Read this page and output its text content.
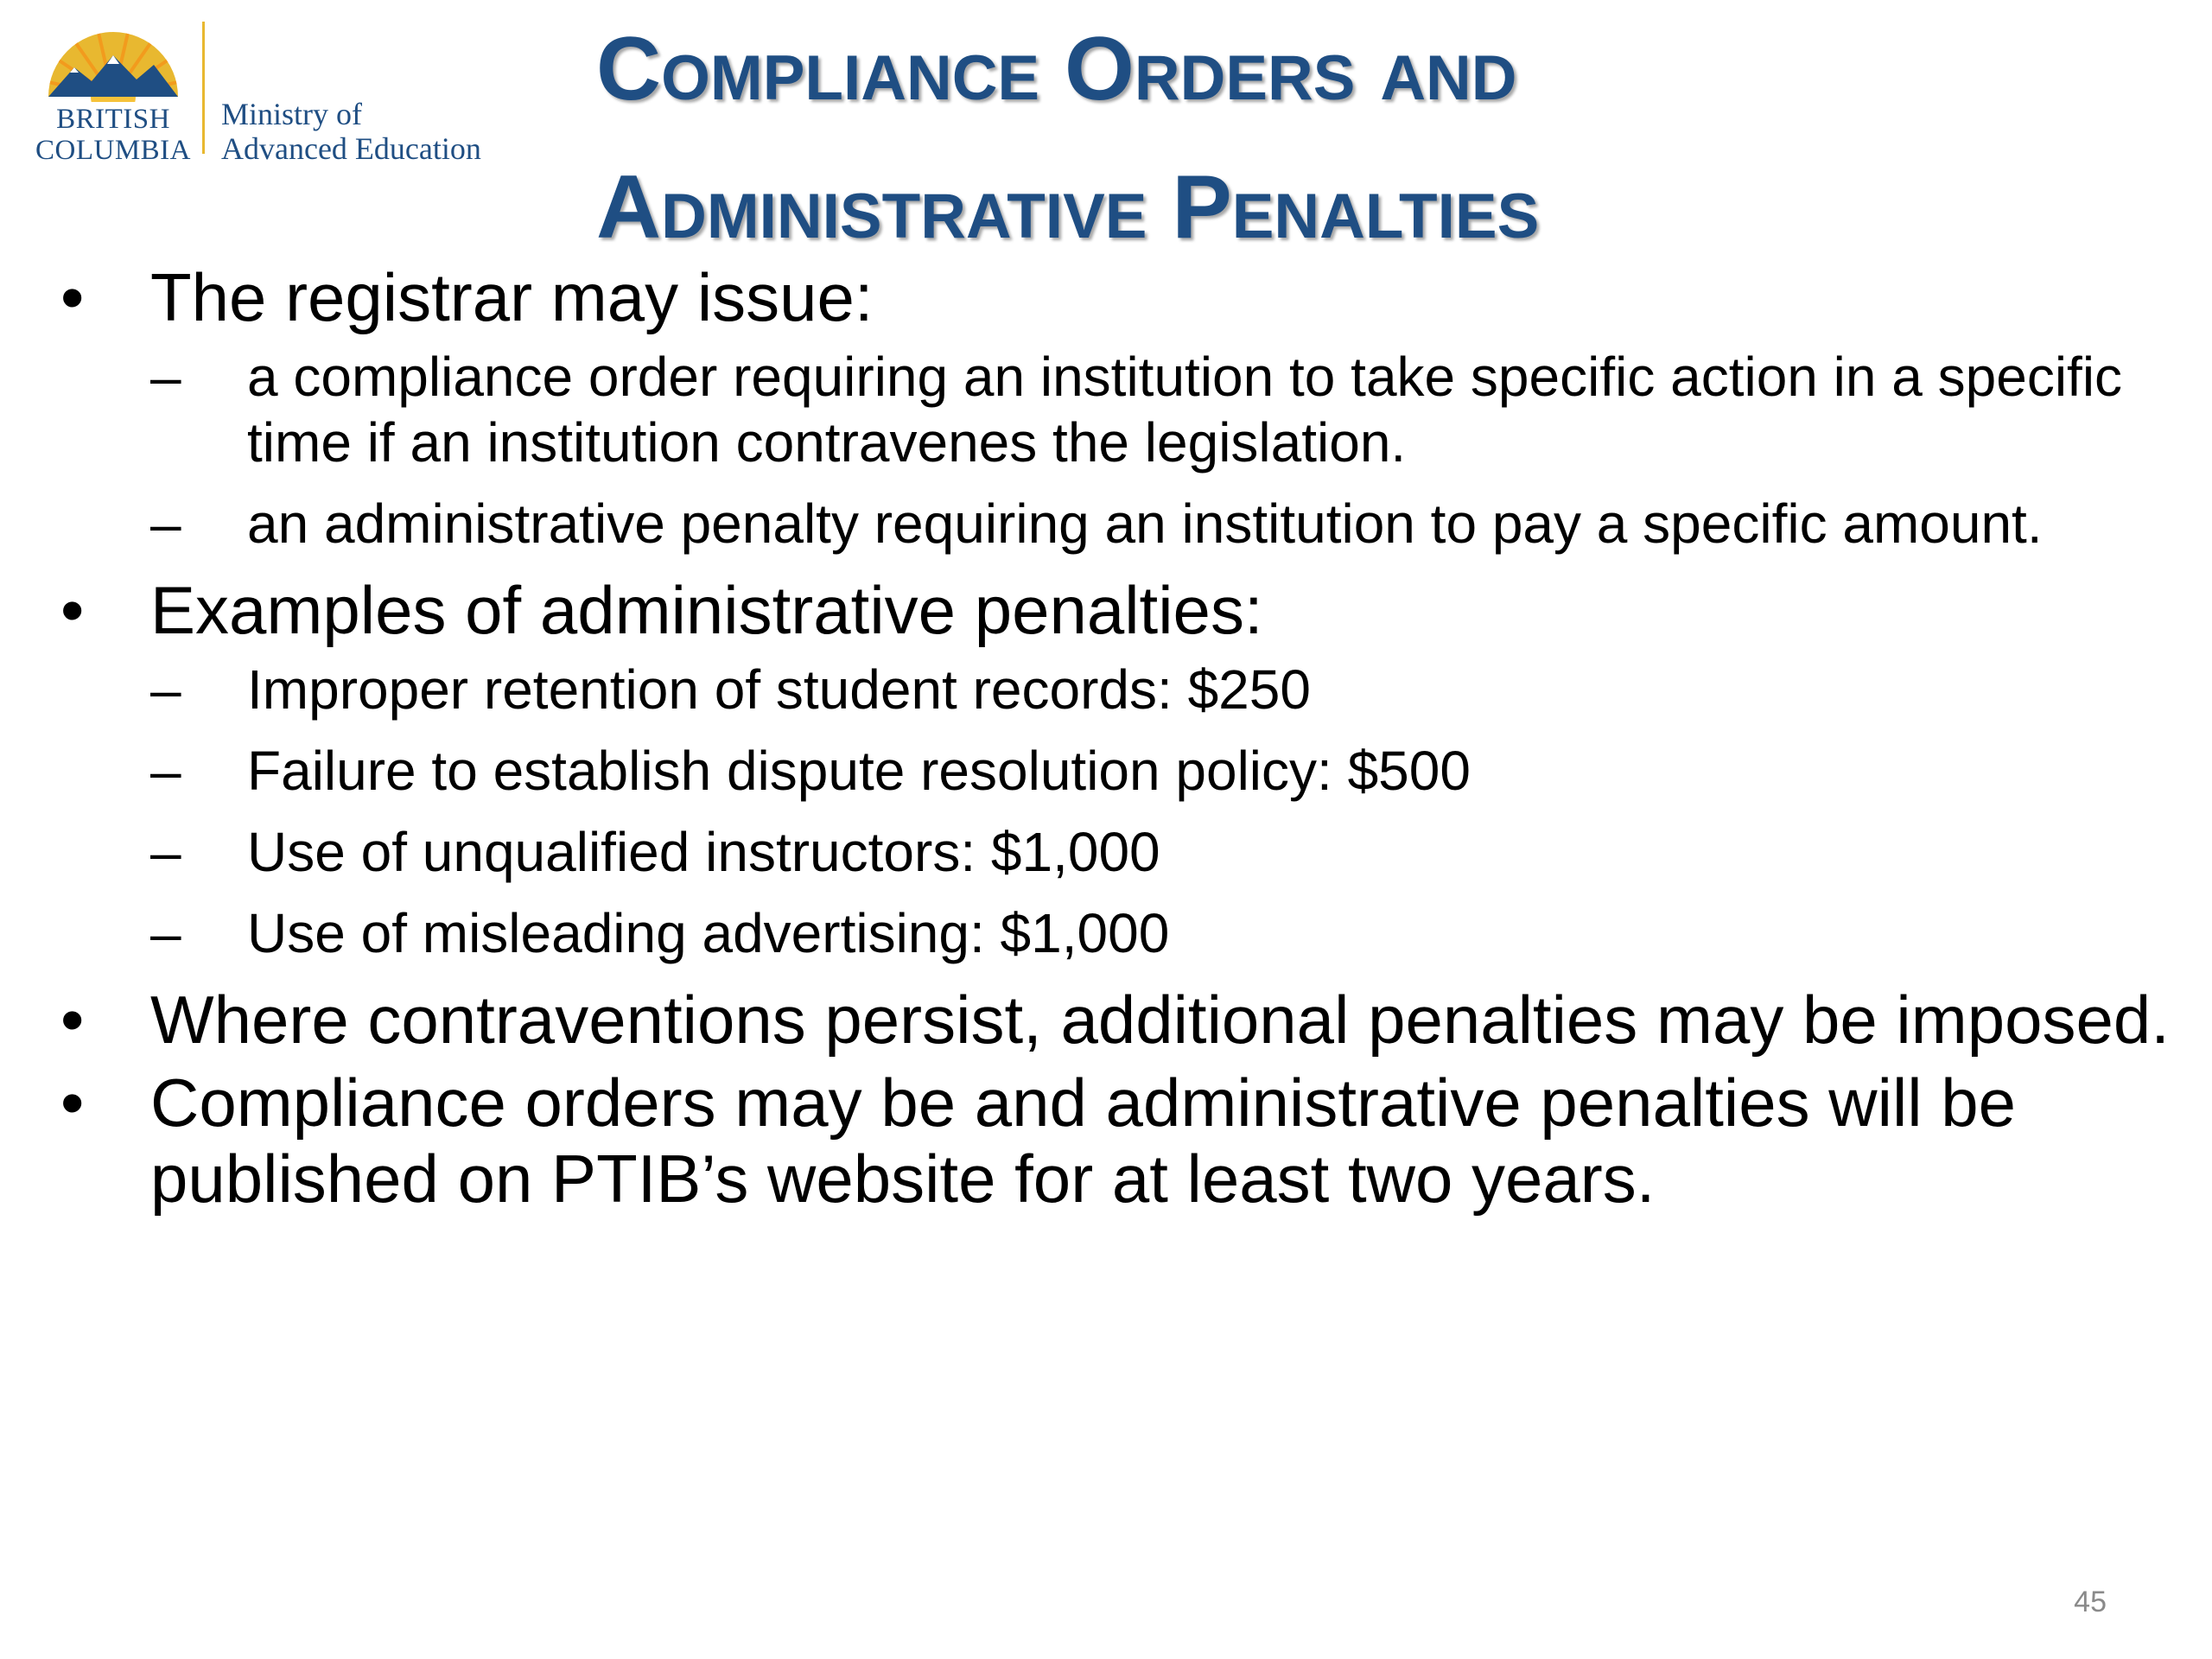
BRITISH
COLUMBIA
Ministry of
Advanced Education
Compliance Orders and
Administrative Penalties
• The registrar may issue:
–	a compliance order requiring an institution to take specific action in a specific time if an institution contravenes the legislation.
–	an administrative penalty requiring an institution to pay a specific amount.
• Examples of administrative penalties:
–	Improper retention of student records: $250
–	Failure to establish dispute resolution policy: $500
–	Use of unqualified instructors: $1,000
–	Use of misleading advertising: $1,000
• Where contraventions persist, additional penalties may be imposed.
• Compliance orders may be and administrative penalties will be published on PTIB’s website for at least two years.
45
